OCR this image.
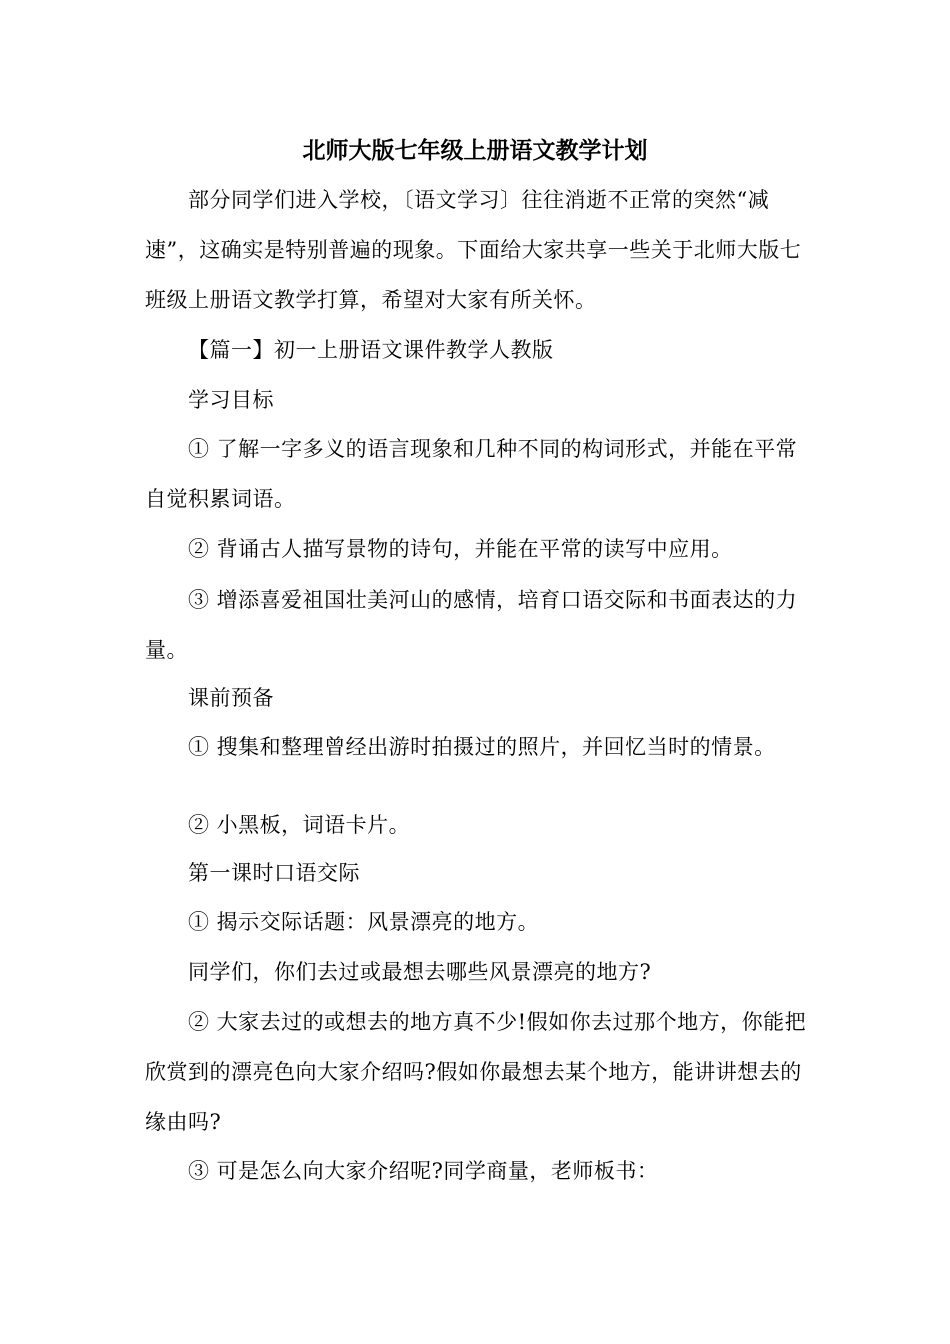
北师大版七年级上册语文教学计划

部分同学们进入学校，〔语文学习〕往往消逝不正常的突然“减速”，这确实是特别普遍的现象。下面给大家共享一些关于北师大版七班级上册语文教学打算，希望对大家有所关怀。

【篇一】初一上册语文课件教学人教版

学习目标

① 了解一字多义的语言现象和几种不同的构词形式，并能在平常自觉积累词语。

② 背诵古人描写景物的诗句，并能在平常的读写中应用。

③ 增添喜爱祖国壮美河山的感情，培育口语交际和书面表达的力量。

课前预备

① 搜集和整理曾经出游时拍摄过的照片，并回忆当时的情景。

② 小黑板，词语卡片。

第一课时口语交际

① 揭示交际话题：风景漂亮的地方。

同学们，你们去过或最想去哪些风景漂亮的地方?

② 大家去过的或想去的地方真不少!假如你去过那个地方，你能把欣赏到的漂亮色向大家介绍吗?假如你最想去某个地方，能讲讲想去的缘由吗?

③ 可是怎么向大家介绍呢?同学商量，老师板书：
